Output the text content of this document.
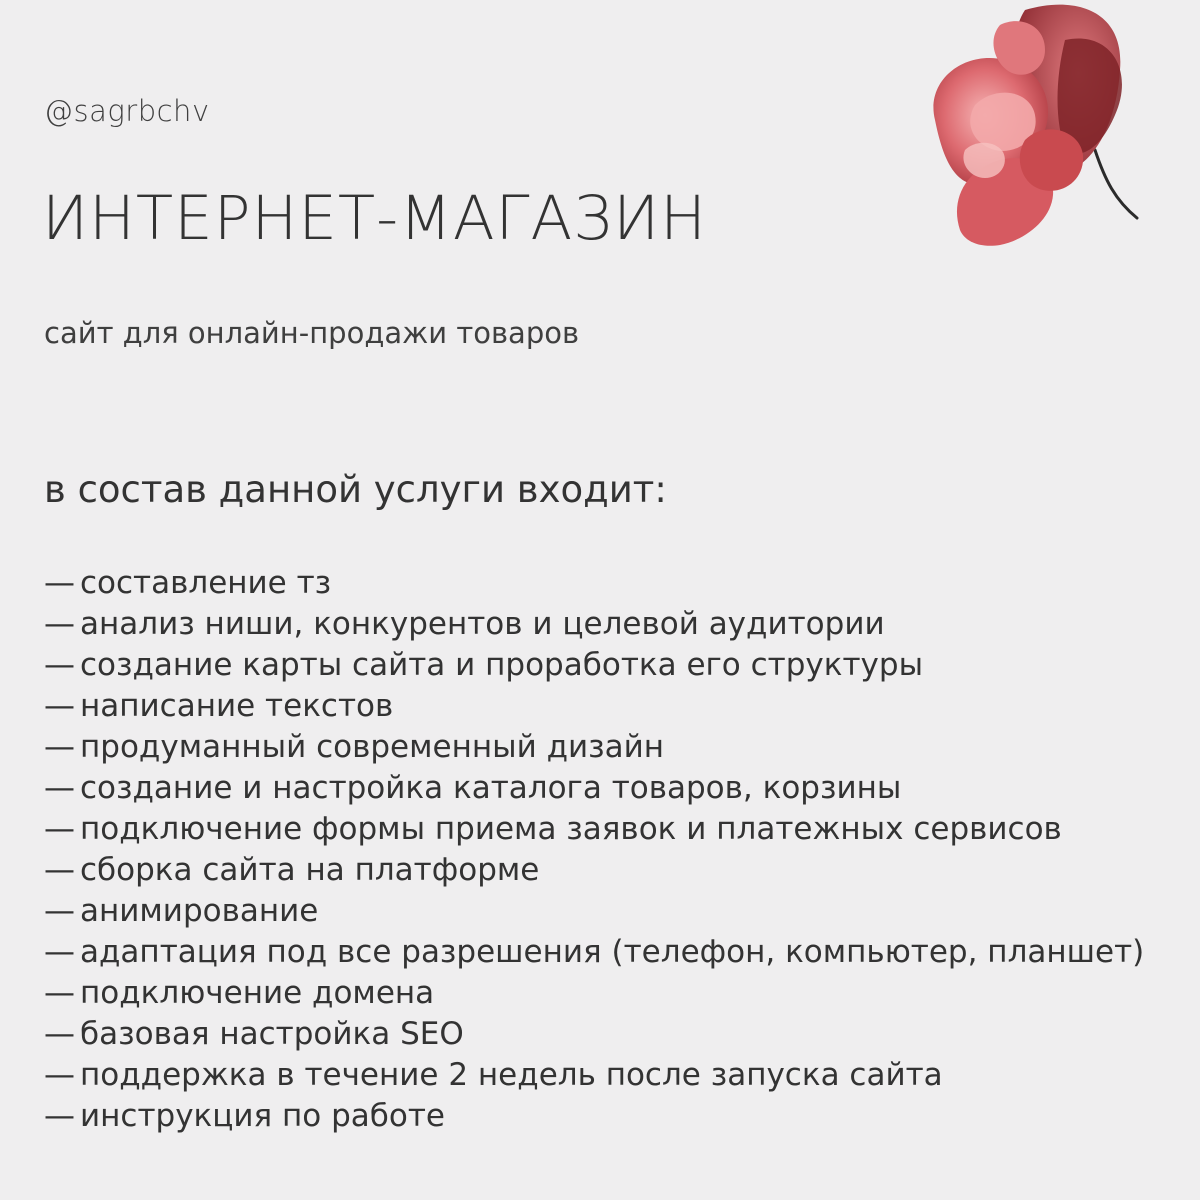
@sagrbchv
ИНТЕРНЕТ-МАГАЗИН
сайт для онлайн-продажи товаров
в состав данной услуги входит:
— составление тз
— анализ ниши, конкурентов и целевой аудитории
— создание карты сайта и проработка его структуры
— написание текстов
— продуманный современный дизайн
— создание и настройка каталога товаров, корзины
— подключение формы приема заявок и платежных сервисов
— сборка сайта на платформе
— анимирование
— адаптация под все разрешения (телефон, компьютер, планшет)
— подключение домена
— базовая настройка SEO
— поддержка в течение 2 недель после запуска сайта
— инструкция по работе
